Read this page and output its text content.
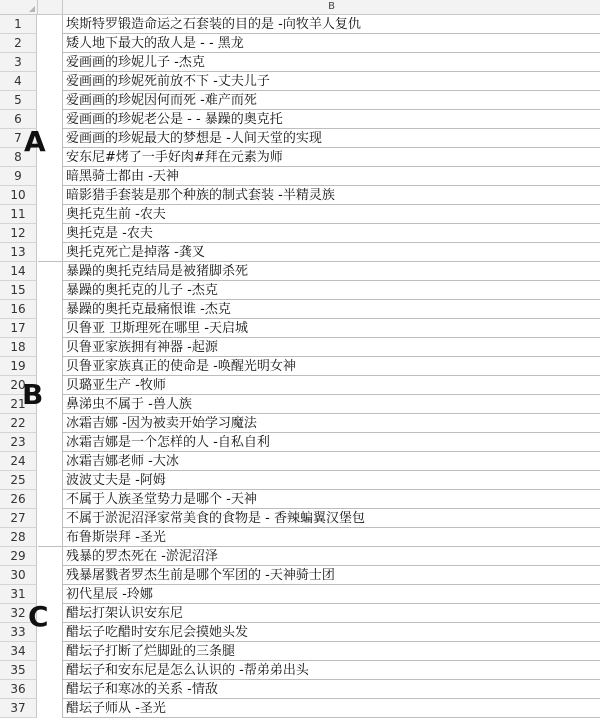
B
1	埃斯特罗锻造命运之石套装的目的是 -向牧羊人复仇
2	矮人地下最大的敌人是 - - 黑龙
3	爱画画的珍妮儿子 -杰克
4	爱画画的珍妮死前放不下 -丈夫儿子
5	爱画画的珍妮因何而死 -难产而死
6	爱画画的珍妮老公是 - - 暴躁的奥克托
7	爱画画的珍妮最大的梦想是 -人间天堂的实现
8	安东尼#烤了一手好肉#拜在元素为师
9	暗黑骑士都由 -天神
10	暗影猎手套装是那个种族的制式套装 -半精灵族
11	奥托克生前 -农夫
12	奥托克是 -农夫
13	奥托克死亡是掉落 -龚叉
14	暴躁的奥托克结局是被猪脚杀死
15	暴躁的奥托克的儿子 -杰克
16	暴躁的奥托克最痛恨谁 -杰克
17	贝鲁亚 卫斯理死在哪里 -天启城
18	贝鲁亚家族拥有神器 -起源
19	贝鲁亚家族真正的使命是 -唤醒光明女神
20	贝璐亚生产 -牧师
21	鼻涕虫不属于 -兽人族
22	冰霜吉娜 -因为被卖开始学习魔法
23	冰霜吉娜是一个怎样的人 -自私自利
24	冰霜吉娜老师 -大冰
25	波波丈夫是 -阿姆
26	不属于人族圣堂势力是哪个 -天神
27	不属于淤泥沼泽家常美食的食物是 - 香辣蝙翼汉堡包
28	布鲁斯崇拜 -圣光
29	残暴的罗杰死在 -淤泥沼泽
30	残暴屠戮者罗杰生前是哪个军团的 -天神骑士团
31	初代星辰 -玲娜
32	醋坛打架认识安东尼
33	醋坛子吃醋时安东尼会摸她头发
34	醋坛子打断了烂脚趾的三条腿
35	醋坛子和安东尼是怎么认识的 -帮弟弟出头
36	醋坛子和寒冰的关系 -情敌
37	醋坛子师从 -圣光
A
B
C
